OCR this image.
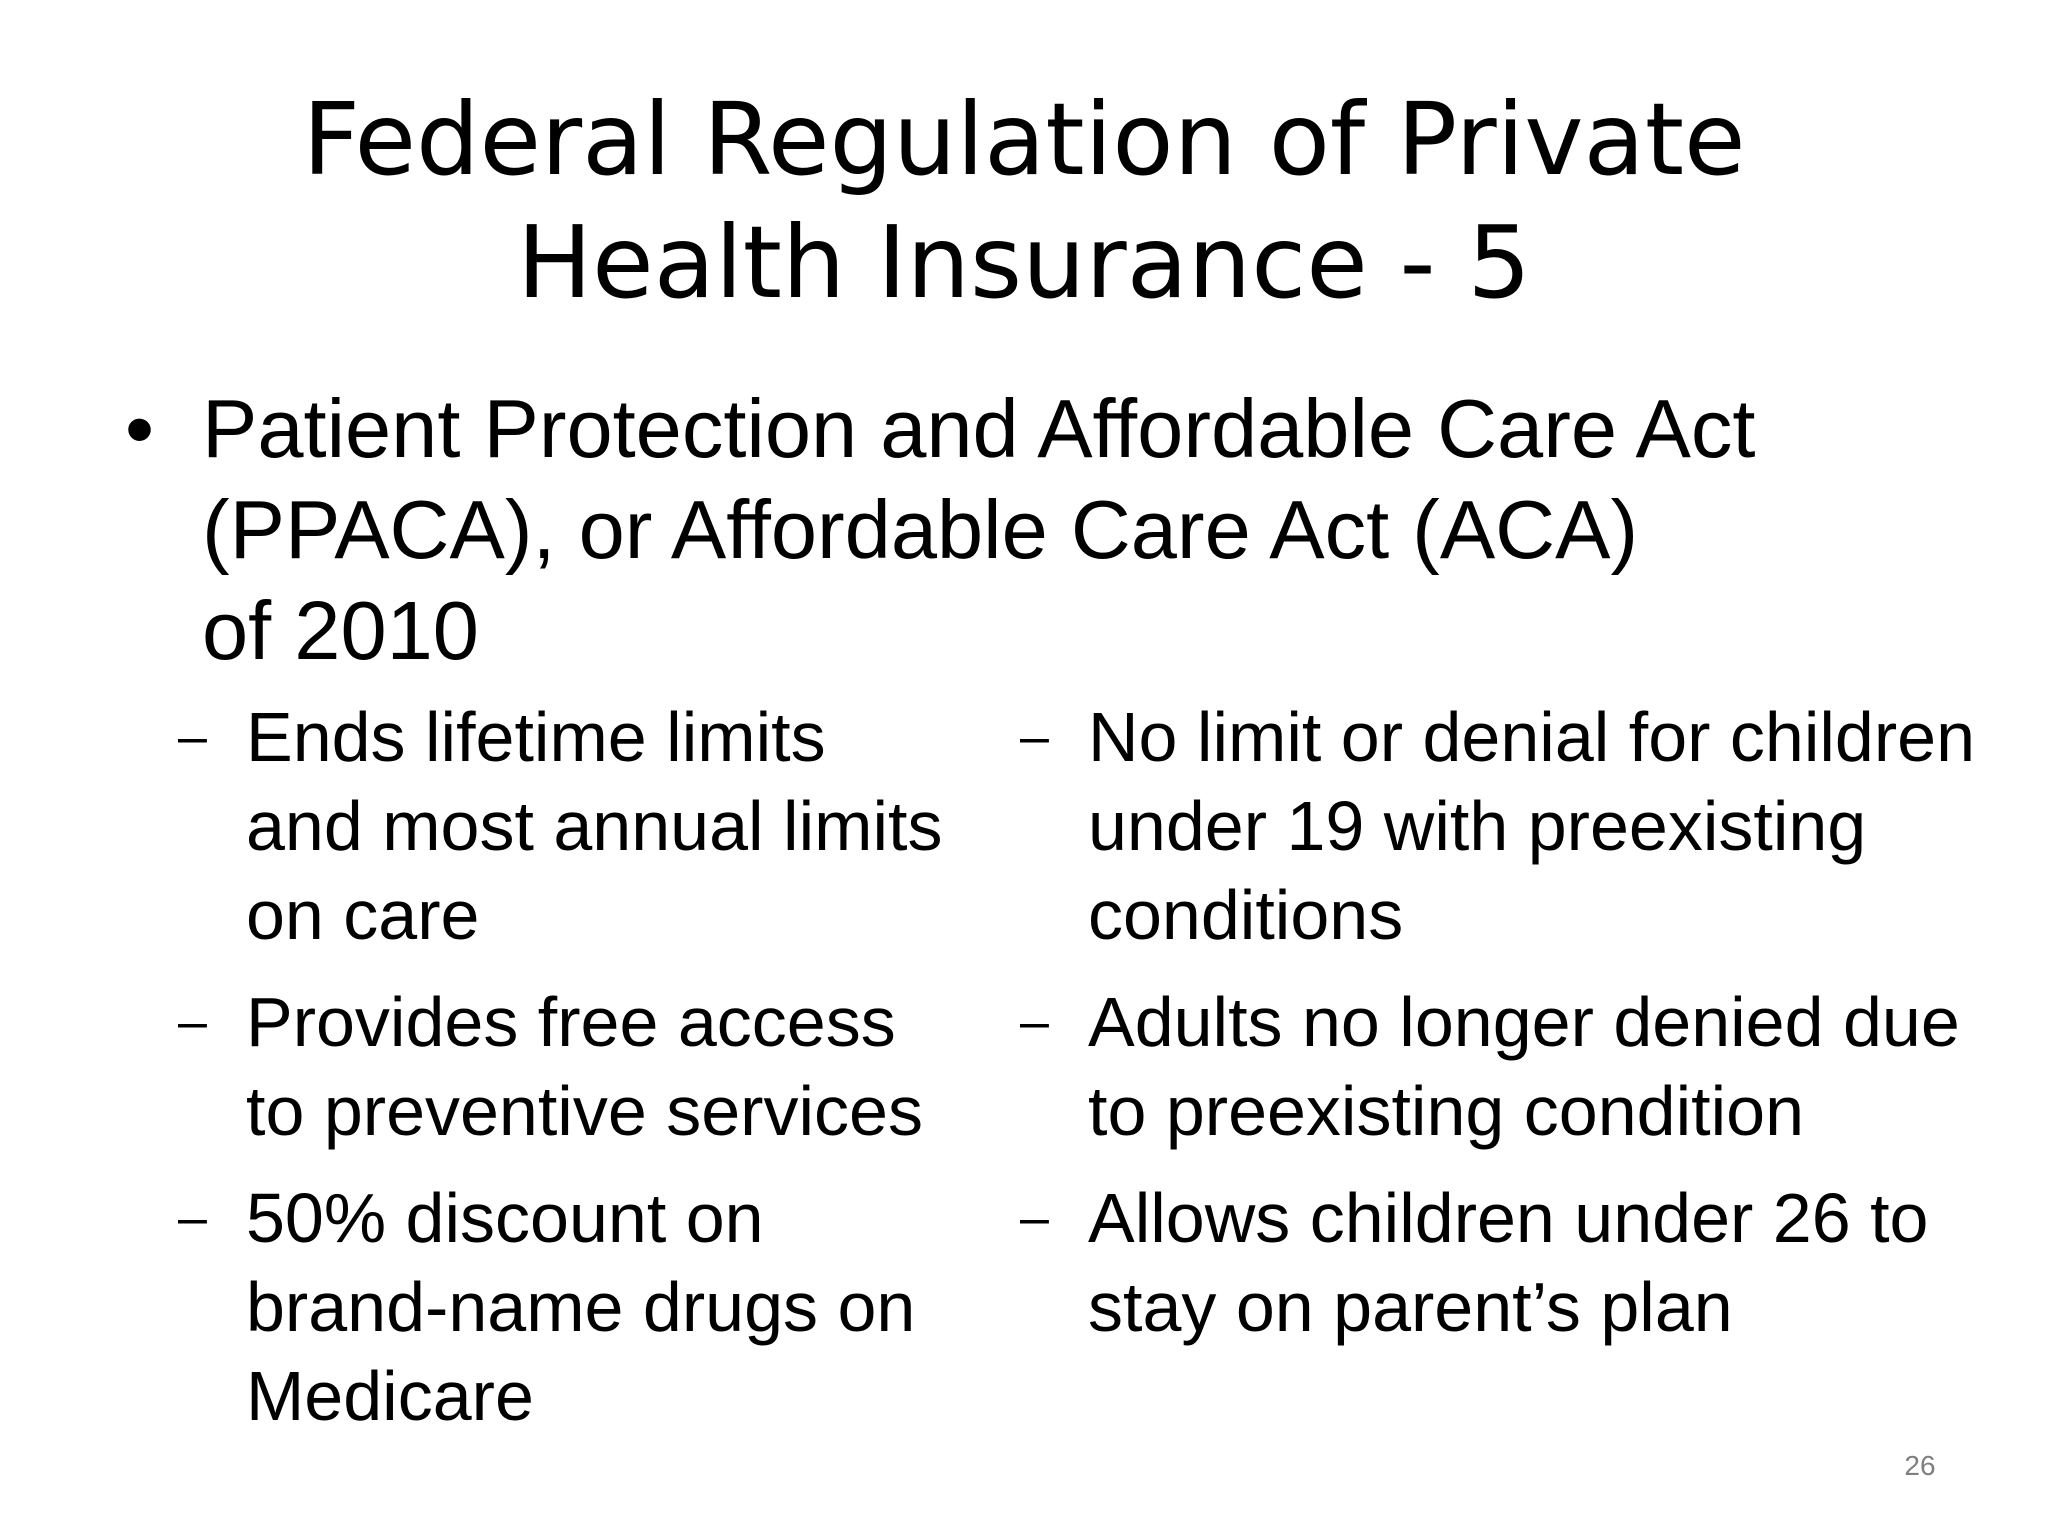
Federal Regulation of Private
Health Insurance - 5
• Patient Protection and Affordable Care Act
(PPACA), or Affordable Care Act (ACA)
of 2010
– Ends lifetime limits
and most annual limits
on care
– Provides free access
to preventive services
– 50% discount on
brand-name drugs on
Medicare
– No limit or denial for children
under 19 with preexisting
conditions
– Adults no longer denied due
to preexisting condition
– Allows children under 26 to
stay on parent’s plan
26
